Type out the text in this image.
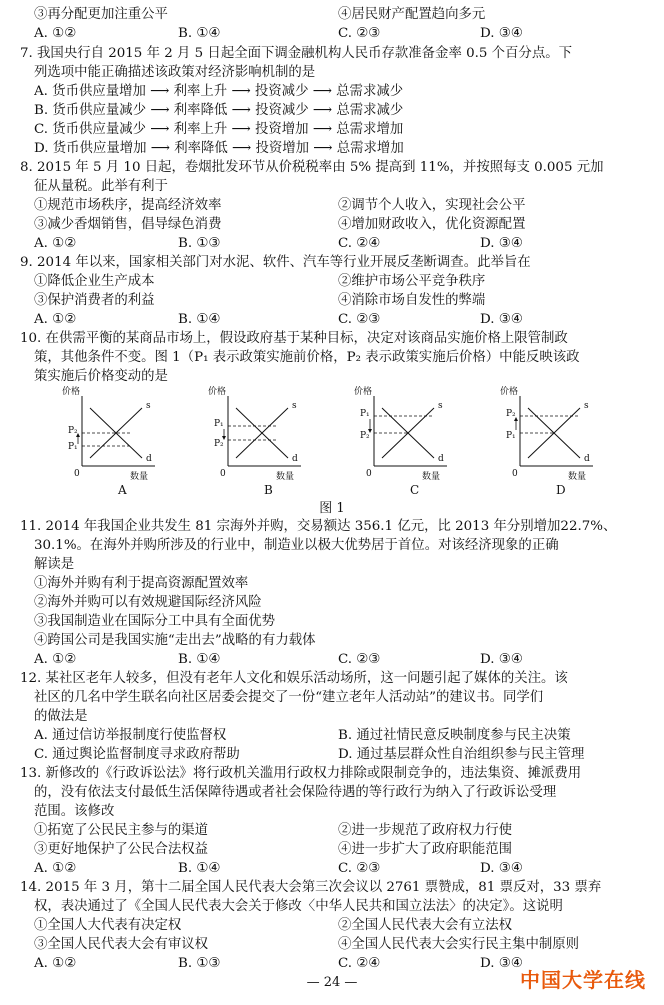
③再分配更加注重公平	④居民财产配置趋向多元
A. ①②	B. ①④	C. ②③	D. ③④
7. 我国央行自 2015 年 2 月 5 日起全面下调金融机构人民币存款准备金率 0.5 个百分点。下
列选项中能正确描述该政策对经济影响机制的是
A. 货币供应量增加 ⟶ 利率上升 ⟶ 投资减少 ⟶ 总需求减少
B. 货币供应量减少 ⟶ 利率降低 ⟶ 投资减少 ⟶ 总需求减少
C. 货币供应量减少 ⟶ 利率上升 ⟶ 投资增加 ⟶ 总需求增加
D. 货币供应量增加 ⟶ 利率降低 ⟶ 投资增加 ⟶ 总需求增加
8. 2015 年 5 月 10 日起，卷烟批发环节从价税税率由 5% 提高到 11%，并按照每支 0.005 元加
征从量税。此举有利于
①规范市场秩序，提高经济效率	②调节个人收入，实现社会公平
③减少香烟销售，倡导绿色消费	④增加财政收入，优化资源配置
A. ①②	B. ①③	C. ②④	D. ③④
9. 2014 年以来，国家相关部门对水泥、软件、汽车等行业开展反垄断调查。此举旨在
①降低企业生产成本	②维护市场公平竞争秩序
③保护消费者的利益	④消除市场自发性的弊端
A. ①②	B. ①④	C. ②③	D. ③④
10. 在供需平衡的某商品市场上，假设政府基于某种目标，决定对该商品实施价格上限管制政
策，其他条件不变。图 1（P₁ 表示政策实施前价格，P₂ 表示政策实施后价格）中能反映该政
策实施后价格变动的是
价格
P₂
P₁
0
s
d
数量
A
价格
P₁
P₂
0
s
d
数量
B
价格
P₁
P₂
0
s
d
数量
C
价格
P₂
P₁
0
s
d
数量
D
图 1
11. 2014 年我国企业共发生 81 宗海外并购，交易额达 356.1 亿元，比 2013 年分别增加22.7%、
30.1%。在海外并购所涉及的行业中，制造业以极大优势居于首位。对该经济现象的正确
解读是
①海外并购有利于提高资源配置效率
②海外并购可以有效规避国际经济风险
③我国制造业在国际分工中具有全面优势
④跨国公司是我国实施“走出去”战略的有力载体
A. ①②	B. ①④	C. ②③	D. ③④
12. 某社区老年人较多，但没有老年人文化和娱乐活动场所，这一问题引起了媒体的关注。该
社区的几名中学生联名向社区居委会提交了一份“建立老年人活动站”的建议书。同学们
的做法是
A. 通过信访举报制度行使监督权	B. 通过社情民意反映制度参与民主决策
C. 通过舆论监督制度寻求政府帮助	D. 通过基层群众性自治组织参与民主管理
13. 新修改的《行政诉讼法》将行政机关滥用行政权力排除或限制竞争的，违法集资、摊派费用
的，没有依法支付最低生活保障待遇或者社会保险待遇的等行政行为纳入了行政诉讼受理
范围。该修改
①拓宽了公民民主参与的渠道	②进一步规范了政府权力行使
③更好地保护了公民合法权益	④进一步扩大了政府职能范围
A. ①②	B. ①④	C. ②③	D. ③④
14. 2015 年 3 月，第十二届全国人民代表大会第三次会议以 2761 票赞成，81 票反对，33 票弃
权，表决通过了《全国人民代表大会关于修改〈中华人民共和国立法法〉的决定》。这说明
①全国人大代表有决定权	②全国人民代表大会有立法权
③全国人民代表大会有审议权	④全国人民代表大会实行民主集中制原则
A. ①②	B. ①③	C. ②④	D. ③④
— 24 —	中国大学在线
